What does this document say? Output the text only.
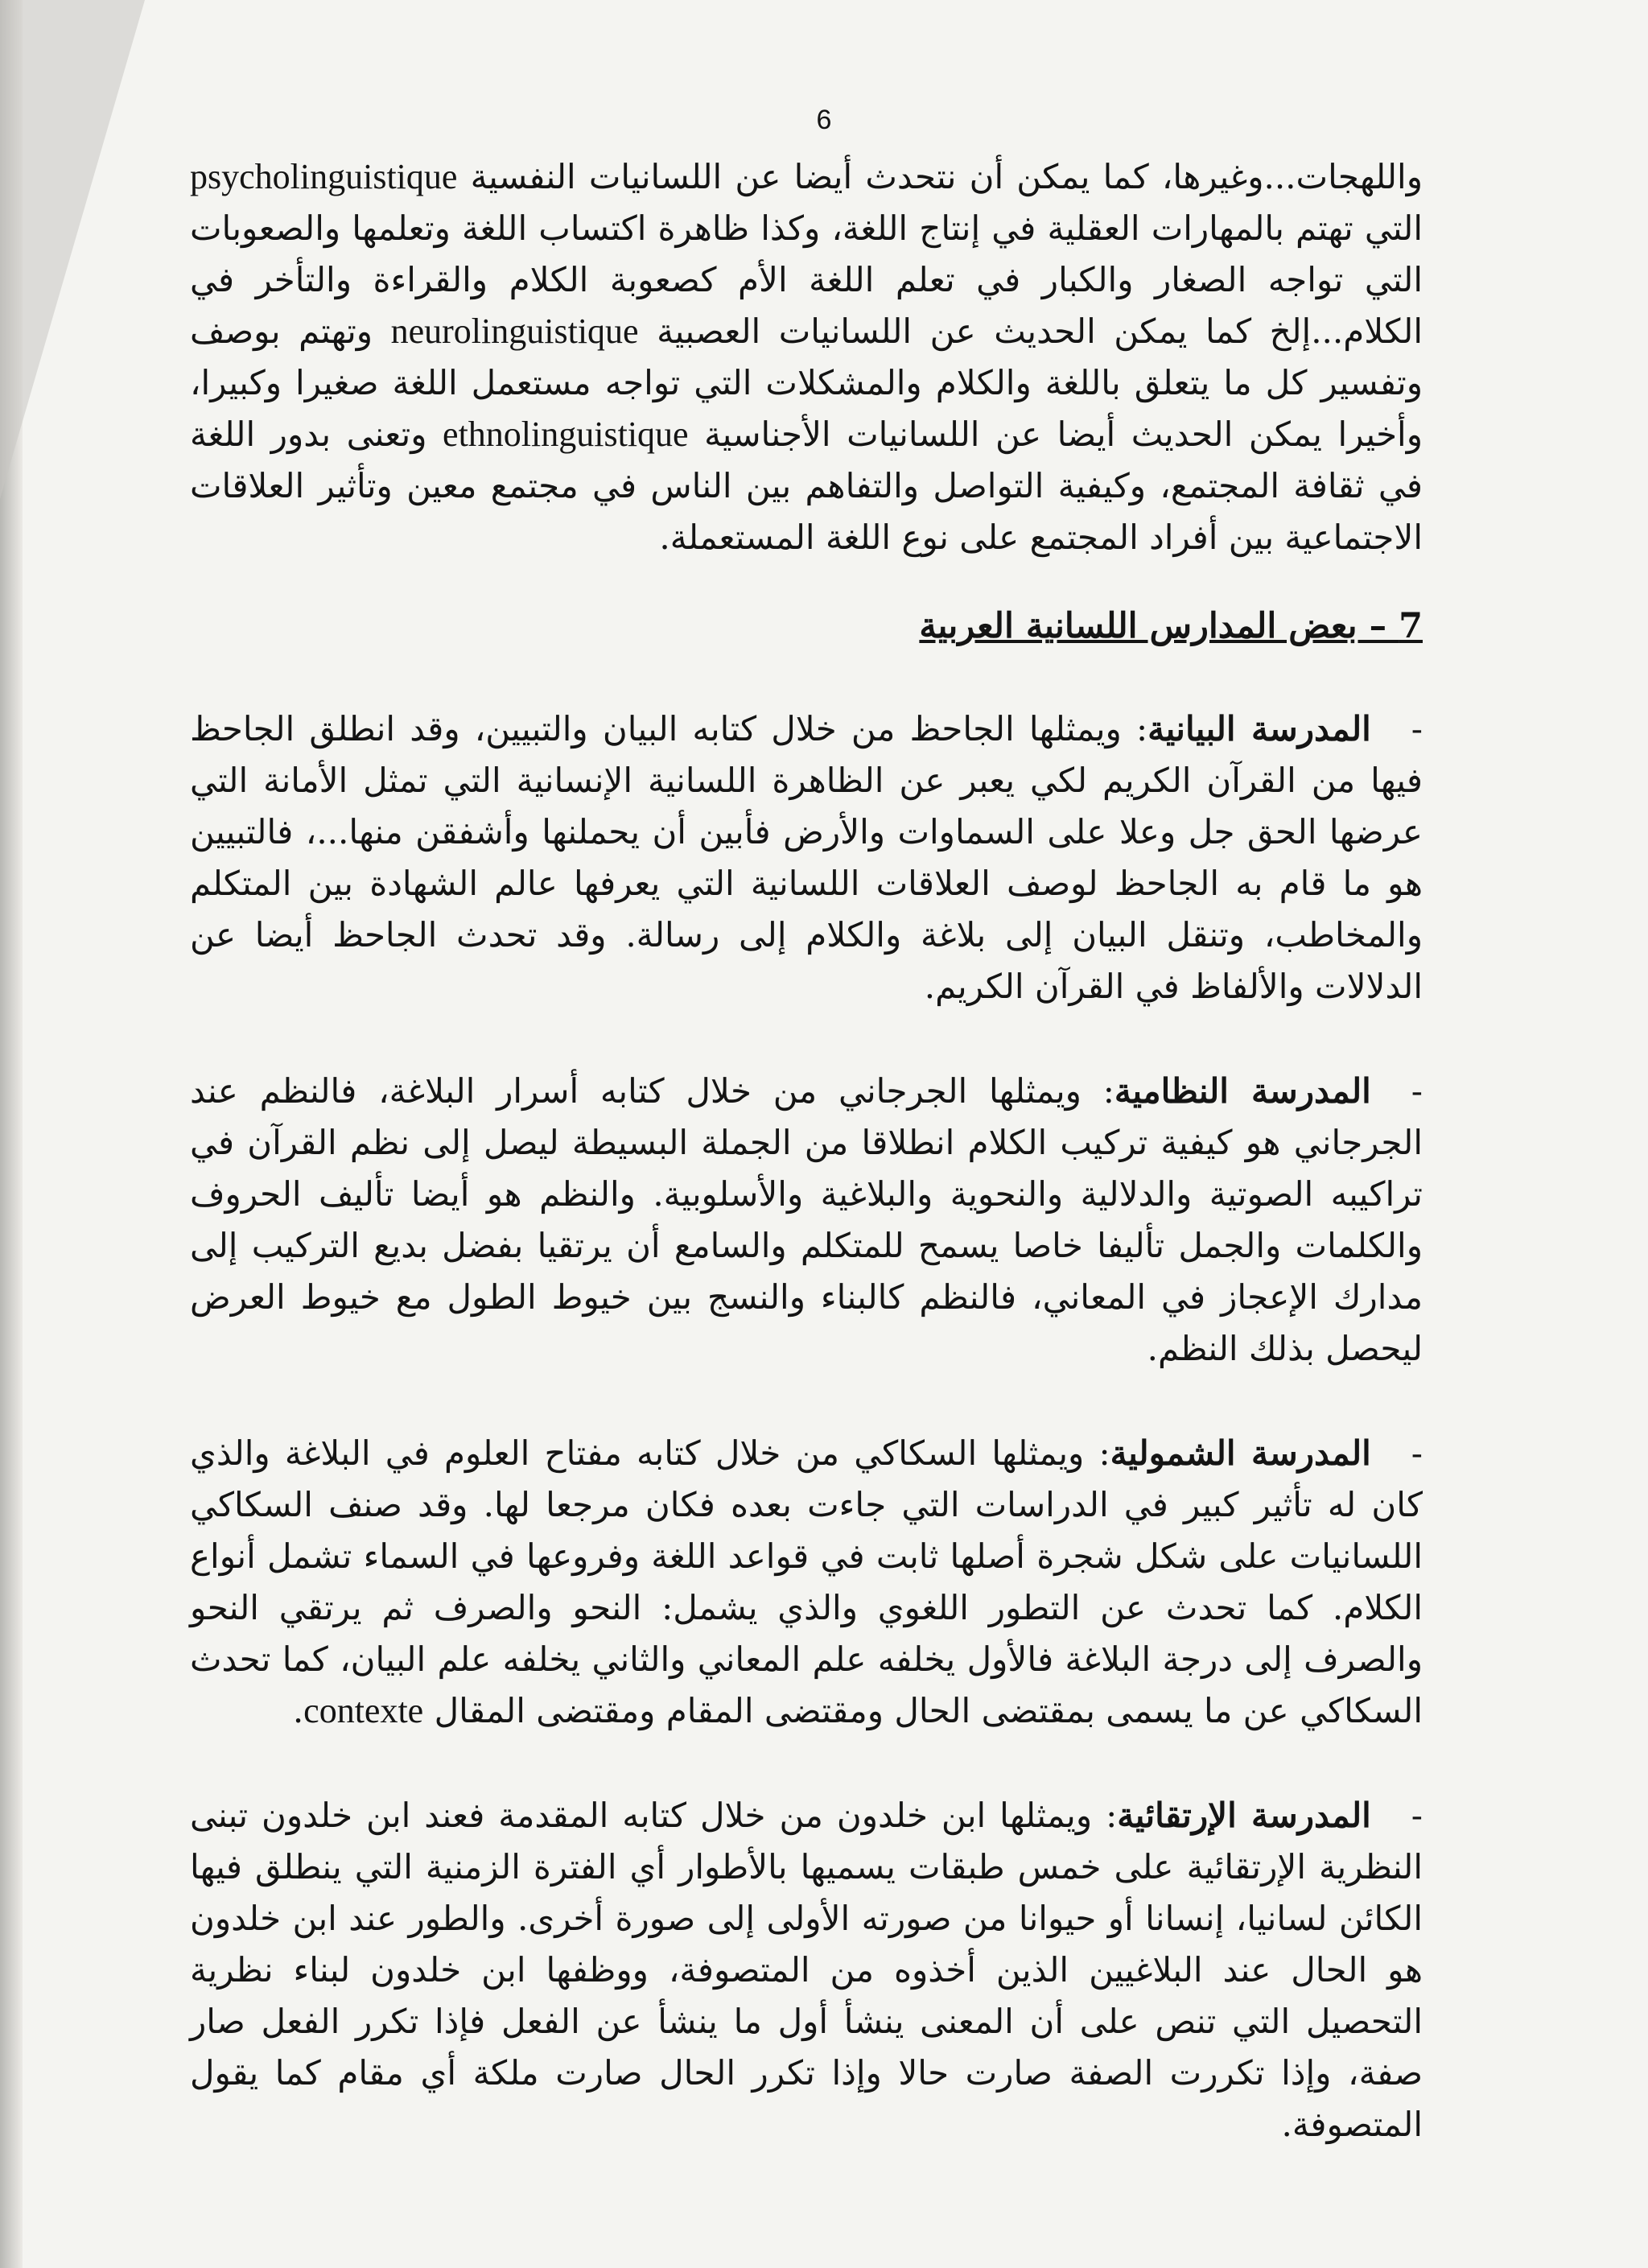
6

واللهجات...وغيرها، كما يمكن أن نتحدث أيضا عن اللسانيات النفسية psycholinguistique التي تهتم بالمهارات العقلية في إنتاج اللغة، وكذا ظاهرة اكتساب اللغة وتعلمها والصعوبات التي تواجه الصغار والكبار في تعلم اللغة الأم كصعوبة الكلام والقراءة والتأخر في الكلام...إلخ كما يمكن الحديث عن اللسانيات العصبية neurolinguistique وتهتم بوصف وتفسير كل ما يتعلق باللغة والكلام والمشكلات التي تواجه مستعمل اللغة صغيرا وكبيرا، وأخيرا يمكن الحديث أيضا عن اللسانيات الأجناسية ethnolinguistique وتعنى بدور اللغة في ثقافة المجتمع، وكيفية التواصل والتفاهم بين الناس في مجتمع معين وتأثير العلاقات الاجتماعية بين أفراد المجتمع على نوع اللغة المستعملة.

7 – بعض المدارس اللسانية العربية

-المدرسة البيانية: ويمثلها الجاحظ من خلال كتابه البيان والتبيين، وقد انطلق الجاحظ فيها من القرآن الكريم لكي يعبر عن الظاهرة اللسانية الإنسانية التي تمثل الأمانة التي عرضها الحق جل وعلا على السماوات والأرض فأبين أن يحملنها وأشفقن منها...، فالتبيين هو ما قام به الجاحظ لوصف العلاقات اللسانية التي يعرفها عالم الشهادة بين المتكلم والمخاطب، وتنقل البيان إلى بلاغة والكلام إلى رسالة. وقد تحدث الجاحظ أيضا عن الدلالات والألفاظ في القرآن الكريم.

-المدرسة النظامية: ويمثلها الجرجاني من خلال كتابه أسرار البلاغة، فالنظم عند الجرجاني هو كيفية تركيب الكلام انطلاقا من الجملة البسيطة ليصل إلى نظم القرآن في تراكيبه الصوتية والدلالية والنحوية والبلاغية والأسلوبية. والنظم هو أيضا تأليف الحروف والكلمات والجمل تأليفا خاصا يسمح للمتكلم والسامع أن يرتقيا بفضل بديع التركيب إلى مدارك الإعجاز في المعاني، فالنظم كالبناء والنسج بين خيوط الطول مع خيوط العرض ليحصل بذلك النظم.

-المدرسة الشمولية: ويمثلها السكاكي من خلال كتابه مفتاح العلوم في البلاغة والذي كان له تأثير كبير في الدراسات التي جاءت بعده فكان مرجعا لها. وقد صنف السكاكي اللسانيات على شكل شجرة أصلها ثابت في قواعد اللغة وفروعها في السماء تشمل أنواع الكلام. كما تحدث عن التطور اللغوي والذي يشمل: النحو والصرف ثم يرتقي النحو والصرف إلى درجة البلاغة فالأول يخلفه علم المعاني والثاني يخلفه علم البيان، كما تحدث السكاكي عن ما يسمى بمقتضى الحال ومقتضى المقام ومقتضى المقال contexte.

-المدرسة الإرتقائية: ويمثلها ابن خلدون من خلال كتابه المقدمة فعند ابن خلدون تبنى النظرية الإرتقائية على خمس طبقات يسميها بالأطوار أي الفترة الزمنية التي ينطلق فيها الكائن لسانيا، إنسانا أو حيوانا من صورته الأولى إلى صورة أخرى. والطور عند ابن خلدون هو الحال عند البلاغيين الذين أخذوه من المتصوفة، ووظفها ابن خلدون لبناء نظرية التحصيل التي تنص على أن المعنى ينشأ أول ما ينشأ عن الفعل فإذا تكرر الفعل صار صفة، وإذا تكررت الصفة صارت حالا وإذا تكرر الحال صارت ملكة أي مقام كما يقول المتصوفة.
